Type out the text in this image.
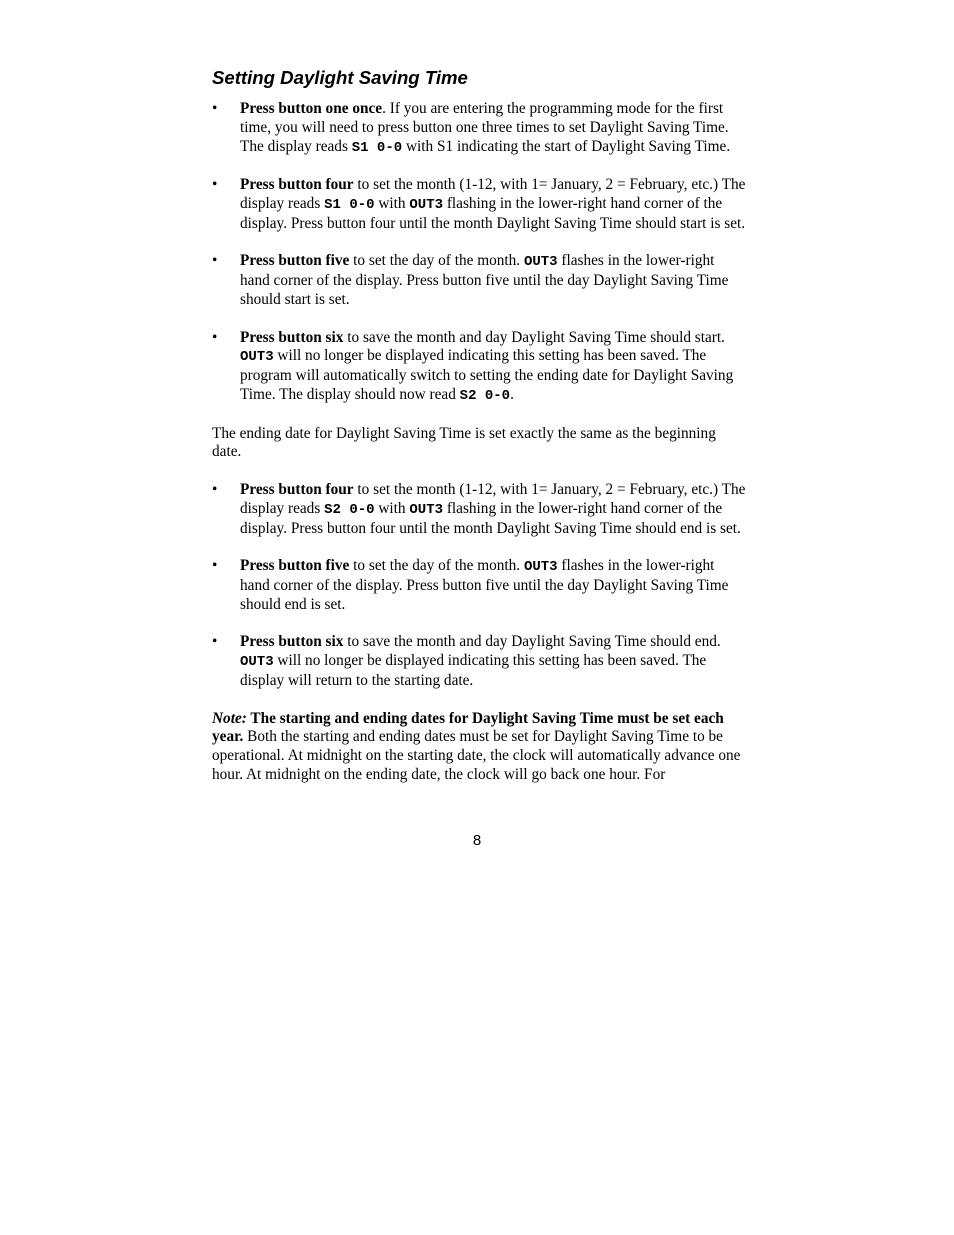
Setting Daylight Saving Time
• Press button one once. If you are entering the programming mode for the first time, you will need to press button one three times to set Daylight Saving Time. The display reads S1 0-0 with S1 indicating the start of Daylight Saving Time.
• Press button four to set the month (1-12, with 1= January, 2 = February, etc.) The display reads S1 0-0 with OUT3 flashing in the lower-right hand corner of the display. Press button four until the month Daylight Saving Time should start is set.
• Press button five to set the day of the month. OUT3 flashes in the lower-right hand corner of the display. Press button five until the day Daylight Saving Time should start is set.
• Press button six to save the month and day Daylight Saving Time should start. OUT3 will no longer be displayed indicating this setting has been saved. The program will automatically switch to setting the ending date for Daylight Saving Time. The display should now read S2 0-0.

The ending date for Daylight Saving Time is set exactly the same as the beginning date.

• Press button four to set the month (1-12, with 1= January, 2 = February, etc.) The display reads S2 0-0 with OUT3 flashing in the lower-right hand corner of the display. Press button four until the month Daylight Saving Time should end is set.
• Press button five to set the day of the month. OUT3 flashes in the lower-right hand corner of the display. Press button five until the day Daylight Saving Time should end is set.
• Press button six to save the month and day Daylight Saving Time should end. OUT3 will no longer be displayed indicating this setting has been saved. The display will return to the starting date.

Note: The starting and ending dates for Daylight Saving Time must be set each year. Both the starting and ending dates must be set for Daylight Saving Time to be operational. At midnight on the starting date, the clock will automatically advance one hour. At midnight on the ending date, the clock will go back one hour. For

8
